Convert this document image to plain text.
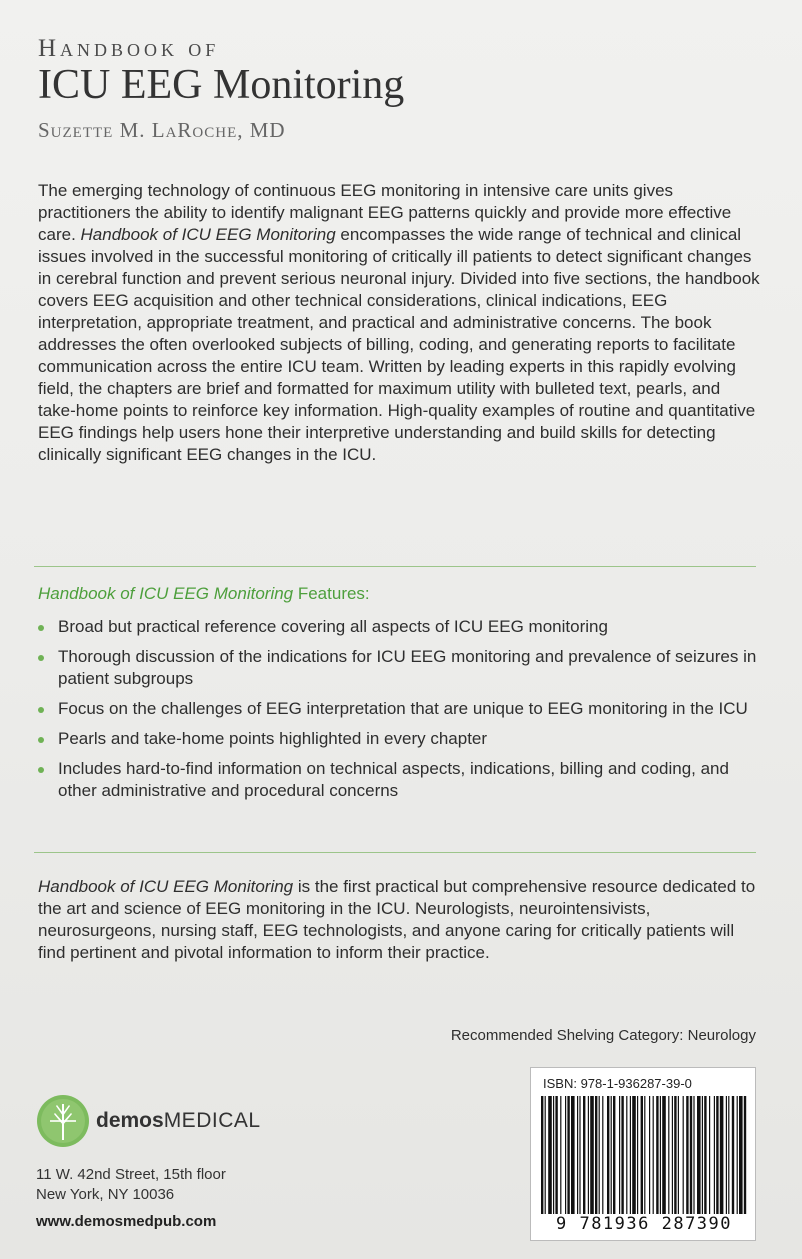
Handbook of
ICU EEG Monitoring
Suzette M. LaRoche, MD

The emerging technology of continuous EEG monitoring in intensive care units gives practitioners the ability to identify malignant EEG patterns quickly and provide more effective care. Handbook of ICU EEG Monitoring encompasses the wide range of technical and clinical issues involved in the successful monitoring of critically ill patients to detect significant changes in cerebral function and prevent serious neuronal injury. Divided into five sections, the handbook covers EEG acquisition and other technical considerations, clinical indications, EEG interpretation, appropriate treatment, and practical and administrative concerns. The book addresses the often overlooked subjects of billing, coding, and generating reports to facilitate communication across the entire ICU team. Written by leading experts in this rapidly evolving field, the chapters are brief and formatted for maximum utility with bulleted text, pearls, and take-home points to reinforce key information. High-quality examples of routine and quantitative EEG findings help users hone their interpretive understanding and build skills for detecting clinically significant EEG changes in the ICU.

Handbook of ICU EEG Monitoring Features:
Broad but practical reference covering all aspects of ICU EEG monitoring
Thorough discussion of the indications for ICU EEG monitoring and prevalence of seizures in patient subgroups
Focus on the challenges of EEG interpretation that are unique to EEG monitoring in the ICU
Pearls and take-home points highlighted in every chapter
Includes hard-to-find information on technical aspects, indications, billing and coding, and other administrative and procedural concerns

Handbook of ICU EEG Monitoring is the first practical but comprehensive resource dedicated to the art and science of EEG monitoring in the ICU. Neurologists, neurointensivists, neurosurgeons, nursing staff, EEG technologists, and anyone caring for critically patients will find pertinent and pivotal information to inform their practice.

Recommended Shelving Category: Neurology
demosMEDICAL
11 W. 42nd Street, 15th floor
New York, NY 10036
www.demosmedpub.com
ISBN: 978-1-936287-39-0
9 781936 287390
